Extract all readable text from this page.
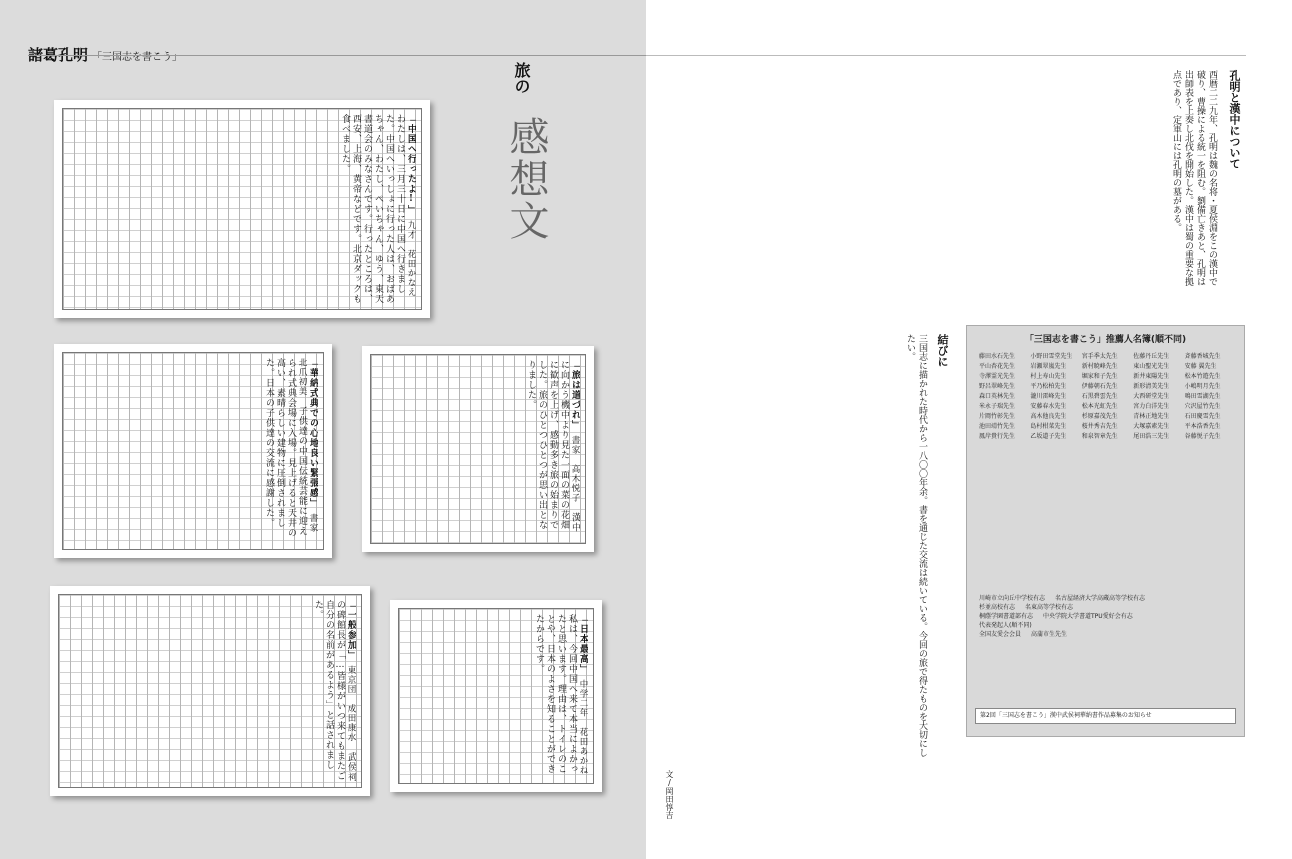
諸葛孔明 「三国志を書こう」
旅の
感想文
「中国へ行ったよ!」　九才　花田かなえ　わたしは、三月三十日に中国へ行きました。中国へいっしょに行った人は、おばあちゃん、わたし、ぺいちゃん、ゆう、東天書道会のみなさんです。行ったところは、西安、上海、黄帝などです。北京ダックも食べました。
「華納式典での心地良い緊張感」　書家　北爪初美　子供達の中国伝統芸能に迎えられ式典会場に入場。見上げると天井の高い、素晴らしい建物に圧倒されました。日本の子供達の交流に感謝した。	「旅は道づれ」　書家　高木悦子　漢中に向かう機中より見た一面の菜の花畑に歓声を上げ、感動多き旅の始まりでした。旅のひとつひとつが思い出となりました。
「一般参加」　東京団　成田康水　武侯祠の碑館長が「…皆様がいつ来てもまたご自分の名前があるよう」と話されました。
「日本最高」　中学二年　花田あかね　私は、今回中国へ来て本当によかったと思います。理由は、トイレのことや、日本のよさを知ることができたからです。
孔明と漢中について
西暦二二九年、孔明は魏の名将・夏侯淵をこの漢中で破り、曹操による統一を阻む。劉備亡きあと、孔明は出師表を上奏し北伐を開始した。漢中は蜀の重要な拠点であり、定軍山には孔明の墓がある。
結びに
三国志に描かれた時代から一八〇〇年余。書を通じた交流は続いている。今回の旅で得たものを大切にしたい。	「三国志を書こう」推薦人名簿(順不同)
藤田水石先生	小野田雪堂先生	宮手季太先生	佐藤丹丘先生	斉藤香城先生
平山杏花先生	岩瀬翠嵐先生	新村暁峰先生	東山聖光先生	安藤 翼先生
寺澤霊光先生	村上寿山先生	堀家和子先生	新井東陽先生	松本竹遊先生
野呂翠峰先生	平乃松柏先生	伊藤朝石先生	新形清美先生	小嶋明月先生
森口英林先生	瀧川雷峰先生	石黒碧雲先生	大西研堂先生	鳴田雪湖先生
米永子瑞先生	安藤春水先生	松本光虹先生	宮力白洋先生	穴沢屋竹先生
片岡竹彰先生	高木他良先生	杉原嘉茂先生	青林正地先生	石田慶雪先生
池田靖竹先生	島村柑菜先生	桜井秀吉先生	大塚嘉素先生	平本浩香先生
鳳岸貴行先生	乙坂道子先生	和泉智章先生	尾田浩三先生	谷藤悦子先生
川崎市立向丘中学校有志 名古屋経済大学高蔵高等学校有志
杉並高校有志 名東高等学校有志
桐蔭学園書道部有志 中央学院大学書道TPU愛好会有志
代表発起人(順不同)
全国友愛会会員 高蒲市生先生
第2回「三国志を書こう」漢中武侯祠華納書作品募集のお知らせ
文/岡田惇吉
